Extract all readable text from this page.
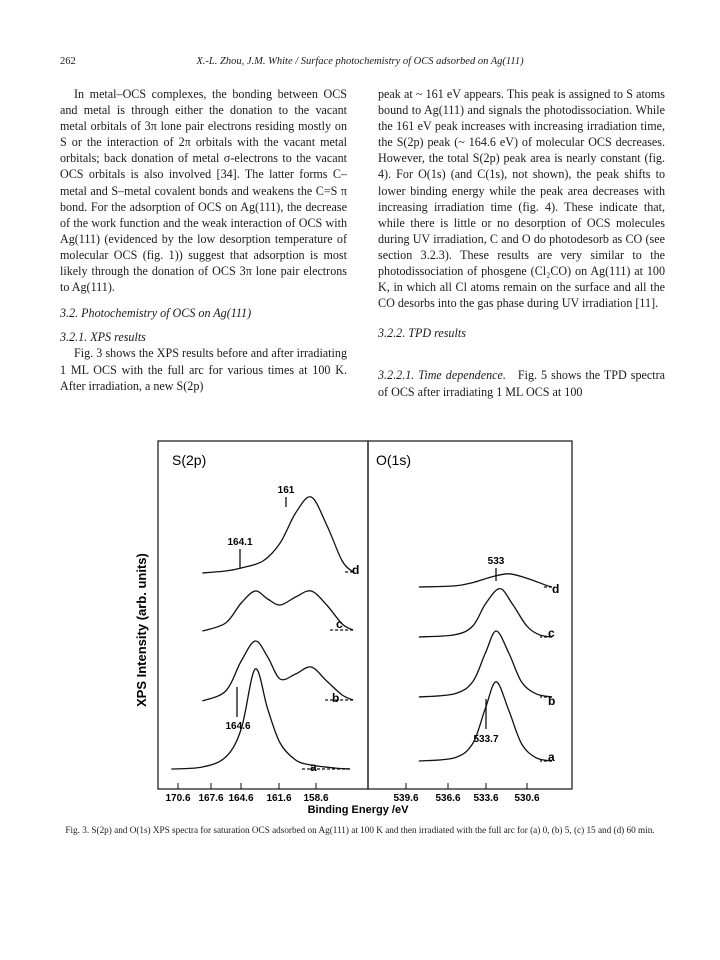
262	X.-L. Zhou, J.M. White / Surface photochemistry of OCS adsorbed on Ag(111)

In metal–OCS complexes, the bonding between OCS and metal is through either the donation to the vacant metal orbitals of 3π lone pair electrons residing mostly on S or the interaction of 2π orbitals with the vacant metal orbitals; back donation of metal σ-electrons to the vacant OCS orbitals is also involved [34]. The latter forms C–metal and S–metal covalent bonds and weakens the C=S π bond. For the adsorption of OCS on Ag(111), the decrease of the work function and the weak interaction of OCS with Ag(111) (evidenced by the low desorption temperature of molecular OCS (fig. 1)) suggest that adsorption is most likely through the donation of OCS 3π lone pair electrons to Ag(111).

3.2. Photochemistry of OCS on Ag(111)
3.2.1. XPS results

Fig. 3 shows the XPS results before and after irradiating 1 ML OCS with the full arc for various times at 100 K. After irradiation, a new S(2p)

peak at ~ 161 eV appears. This peak is assigned to S atoms bound to Ag(111) and signals the photodissociation. While the 161 eV peak increases with increasing irradiation time, the S(2p) peak (~ 164.6 eV) of molecular OCS decreases. However, the total S(2p) peak area is nearly constant (fig. 4). For O(1s) (and C(1s), not shown), the peak shifts to lower binding energy while the peak area decreases with increasing irradiation time (fig. 4). These indicate that, while there is little or no desorption of OCS molecules during UV irradiation, C and O do photodesorb as CO (see section 3.2.3). These results are very similar to the photodissociation of phosgene (Cl₂CO) on Ag(111) at 100 K, in which all Cl atoms remain on the surface and all the CO desorbs into the gas phase during UV irradiation [11].

3.2.2. TPD results

3.2.2.1. Time dependence. Fig. 5 shows the TPD spectra of OCS after irradiating 1 ML OCS at 100

S(2p)	O(1s)
XPS Intensity (arb. units)
Binding Energy /eV
170.6 167.6 164.6 161.6 158.6	539.6 536.6 533.6 530.6
a
b
c
d
a
b
c
d
161
164.1
164.6
533
533.7
Fig. 3. S(2p) and O(1s) XPS spectra for saturation OCS adsorbed on Ag(111) at 100 K and then irradiated with the full arc for (a) 0, (b) 5, (c) 15 and (d) 60 min.
